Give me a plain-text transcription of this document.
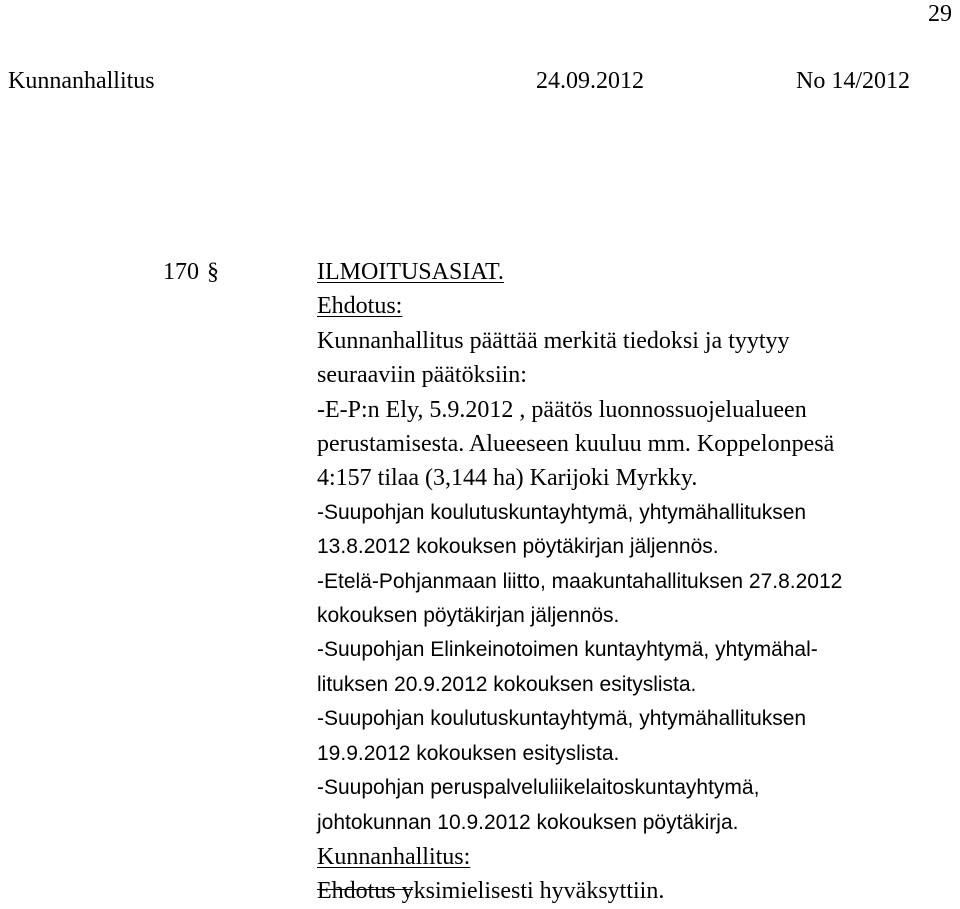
29
Kunnanhallitus	24.09.2012	No 14/2012
170 §	ILMOITUSASIAT.
Ehdotus:
Kunnanhallitus päättää merkitä tiedoksi ja tyytyy
seuraaviin päätöksiin:
-E-P:n Ely, 5.9.2012 , päätös luonnossuojelualueen
perustamisesta. Alueeseen kuuluu mm. Koppelonpesä
4:157 tilaa (3,144 ha) Karijoki Myrkky.
-Suupohjan koulutuskuntayhtymä, yhtymähallituksen
13.8.2012 kokouksen pöytäkirjan jäljennös.
-Etelä-Pohjanmaan liitto, maakuntahallituksen 27.8.2012
kokouksen pöytäkirjan jäljennös.
-Suupohjan Elinkeinotoimen kuntayhtymä, yhtymähal-
lituksen 20.9.2012 kokouksen esityslista.
-Suupohjan koulutuskuntayhtymä, yhtymähallituksen
19.9.2012 kokouksen esityslista.
-Suupohjan peruspalveluliikelaitoskuntayhtymä,
johtokunnan 10.9.2012 kokouksen pöytäkirja.
Kunnanhallitus:
Ehdotus yksimielisesti hyväksyttiin.
